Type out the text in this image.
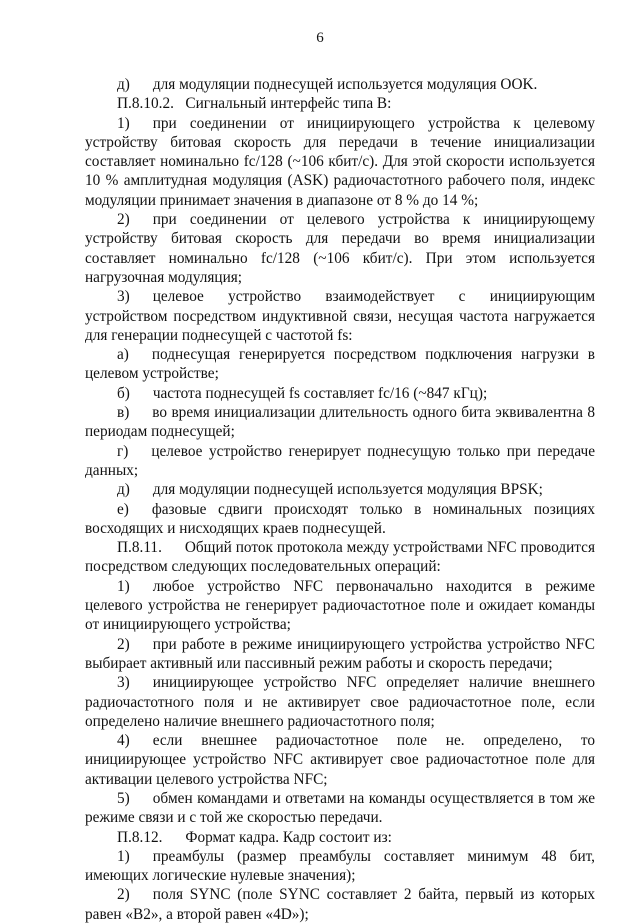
6

д)  для модуляции поднесущей используется модуляция OOK.

П.8.10.2.  Сигнальный интерфейс типа В:

1)  при соединении от инициирующего устройства к целевому устройству битовая скорость для передачи в течение инициализации составляет номинально fc/128 (~106 кбит/с). Для этой скорости используется 10 % амплитудная модуляция (ASK) радиочастотного рабочего поля, индекс модуляции принимает значения в диапазоне от 8 % до 14 %;

2)  при соединении от целевого устройства к инициирующему устройству битовая скорость для передачи во время инициализации составляет номинально fc/128 (~106 кбит/с). При этом используется нагрузочная модуляция;

3)  целевое устройство взаимодействует с инициирующим устройством посредством индуктивной связи, несущая частота нагружается для генерации поднесущей с частотой fs:

а)  поднесущая генерируется посредством подключения нагрузки в целевом устройстве;

б)  частота поднесущей fs составляет fc/16 (~847 кГц);

в)  во время инициализации длительность одного бита эквивалентна 8 периодам поднесущей;

г)  целевое устройство генерирует поднесущую только при передаче данных;

д)  для модуляции поднесущей используется модуляция BPSK;

е)  фазовые сдвиги происходят только в номинальных позициях восходящих и нисходящих краев поднесущей.

П.8.11.  Общий поток протокола между устройствами NFC проводится посредством следующих последовательных операций:

1)  любое устройство NFC первоначально находится в режиме целевого устройства не генерирует радиочастотное поле и ожидает команды от инициирующего устройства;

2)  при работе в режиме инициирующего устройства устройство NFC выбирает активный или пассивный режим работы и скорость передачи;

3)  инициирующее устройство NFC определяет наличие внешнего радиочастотного поля и не активирует свое радиочастотное поле, если определено наличие внешнего радиочастотного поля;

4)  если внешнее радиочастотное поле не. определено, то инициирующее устройство NFC активирует свое радиочастотное поле для активации целевого устройства NFC;

5)  обмен командами и ответами на команды осуществляется в том же режиме связи и с той же скоростью передачи.

П.8.12.  Формат кадра. Кадр состоит из:

1)  преамбулы (размер преамбулы составляет минимум 48 бит, имеющих логические нулевые значения);

2)  поля SYNC (поле SYNC составляет 2 байта, первый из которых равен «B2», а второй равен «4D»);
